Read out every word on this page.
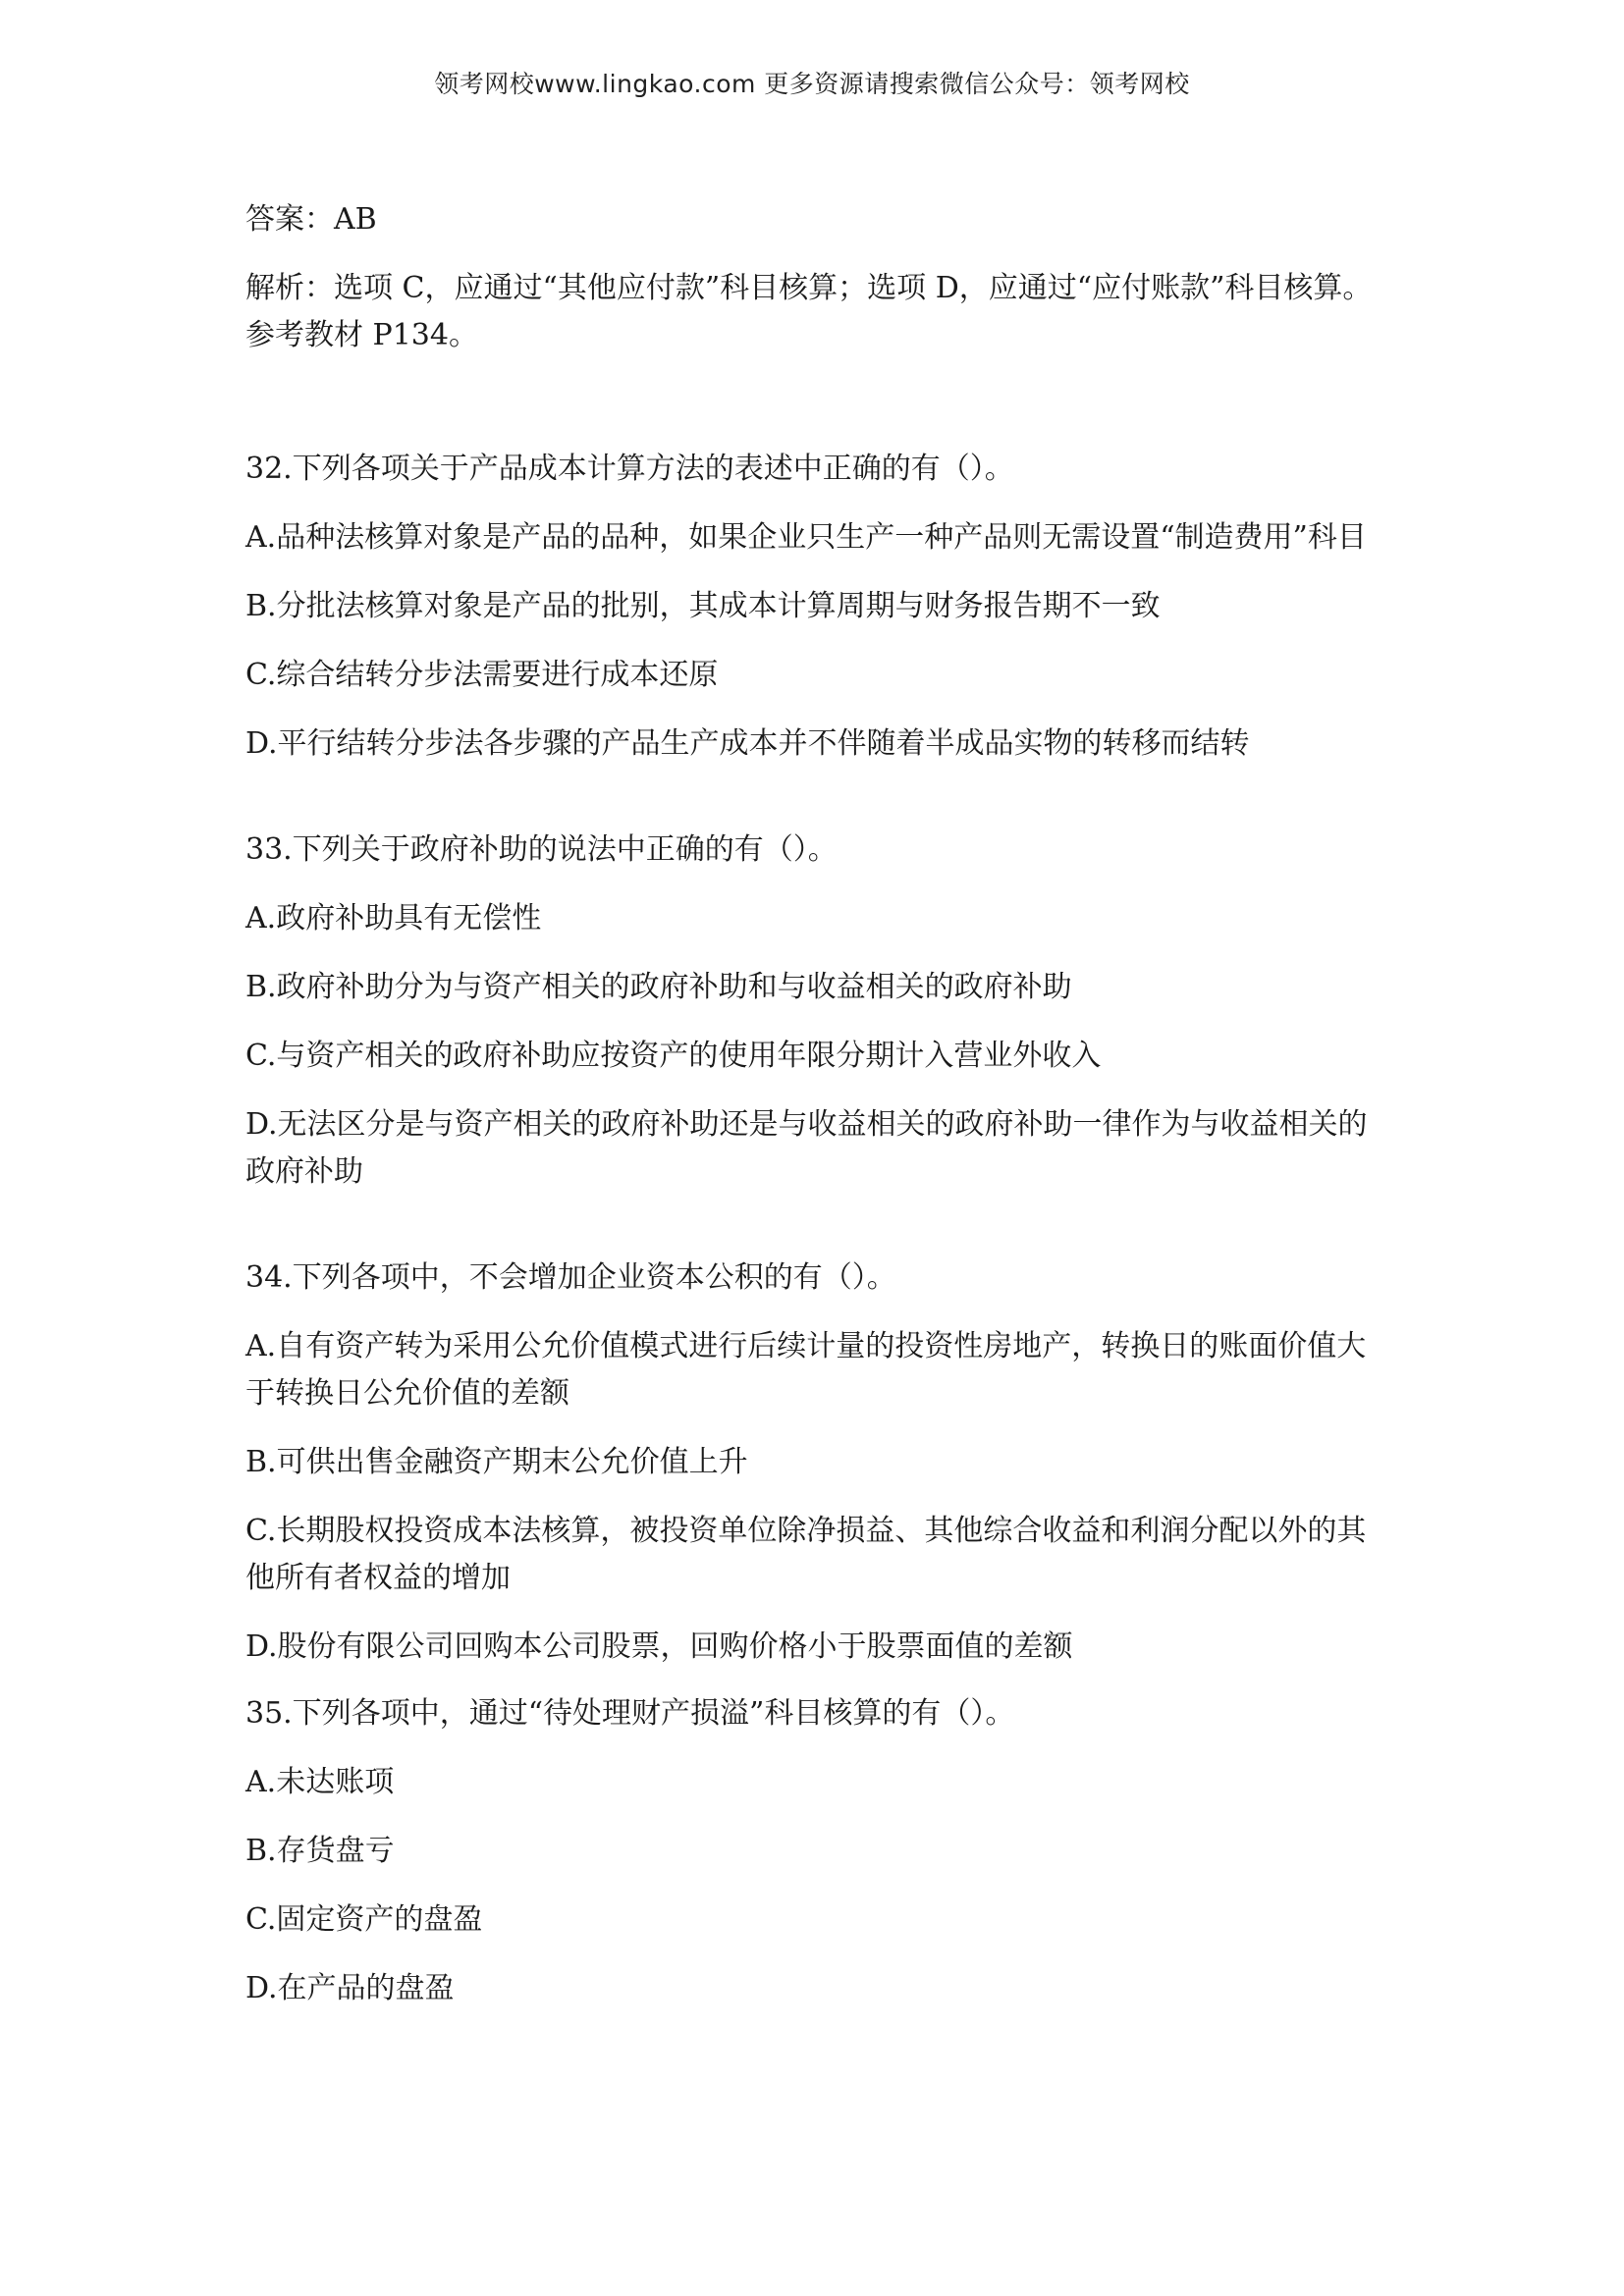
领考网校www.lingkao.com 更多资源请搜索微信公众号：领考网校

答案：AB

解析：选项 C，应通过“其他应付款”科目核算；选项 D，应通过“应付账款”科目核算。参考教材 P134。

32.下列各项关于产品成本计算方法的表述中正确的有（）。

A.品种法核算对象是产品的品种，如果企业只生产一种产品则无需设置“制造费用”科目

B.分批法核算对象是产品的批别，其成本计算周期与财务报告期不一致

C.综合结转分步法需要进行成本还原

D.平行结转分步法各步骤的产品生产成本并不伴随着半成品实物的转移而结转

33.下列关于政府补助的说法中正确的有（）。

A.政府补助具有无偿性

B.政府补助分为与资产相关的政府补助和与收益相关的政府补助

C.与资产相关的政府补助应按资产的使用年限分期计入营业外收入

D.无法区分是与资产相关的政府补助还是与收益相关的政府补助一律作为与收益相关的政府补助

34.下列各项中，不会增加企业资本公积的有（）。

A.自有资产转为采用公允价值模式进行后续计量的投资性房地产，转换日的账面价值大于转换日公允价值的差额

B.可供出售金融资产期末公允价值上升

C.长期股权投资成本法核算，被投资单位除净损益、其他综合收益和利润分配以外的其他所有者权益的增加

D.股份有限公司回购本公司股票，回购价格小于股票面值的差额

35.下列各项中，通过“待处理财产损溢”科目核算的有（）。

A.未达账项

B.存货盘亏

C.固定资产的盘盈

D.在产品的盘盈
